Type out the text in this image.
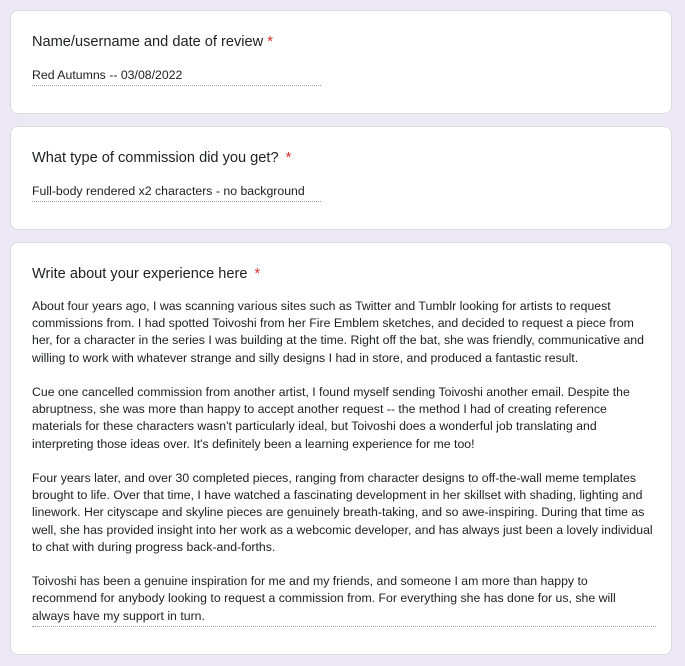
Name/username and date of review *
Red Autumns -- 03/08/2022
What type of commission did you get? *
Full-body rendered x2 characters - no background
Write about your experience here *

About four years ago, I was scanning various sites such as Twitter and Tumblr looking for artists to request commissions from. I had spotted Toivoshi from her Fire Emblem sketches, and decided to request a piece from her, for a character in the series I was building at the time. Right off the bat, she was friendly, communicative and willing to work with whatever strange and silly designs I had in store, and produced a fantastic result.

Cue one cancelled commission from another artist, I found myself sending Toivoshi another email. Despite the abruptness, she was more than happy to accept another request -- the method I had of creating reference materials for these characters wasn't particularly ideal, but Toivoshi does a wonderful job translating and interpreting those ideas over. It's definitely been a learning experience for me too!

Four years later, and over 30 completed pieces, ranging from character designs to off-the-wall meme templates brought to life. Over that time, I have watched a fascinating development in her skillset with shading, lighting and linework. Her cityscape and skyline pieces are genuinely breath-taking, and so awe-inspiring. During that time as well, she has provided insight into her work as a webcomic developer, and has always just been a lovely individual to chat with during progress back-and-forths.

Toivoshi has been a genuine inspiration for me and my friends, and someone I am more than happy to recommend for anybody looking to request a commission from. For everything she has done for us, she will always have my support in turn.
